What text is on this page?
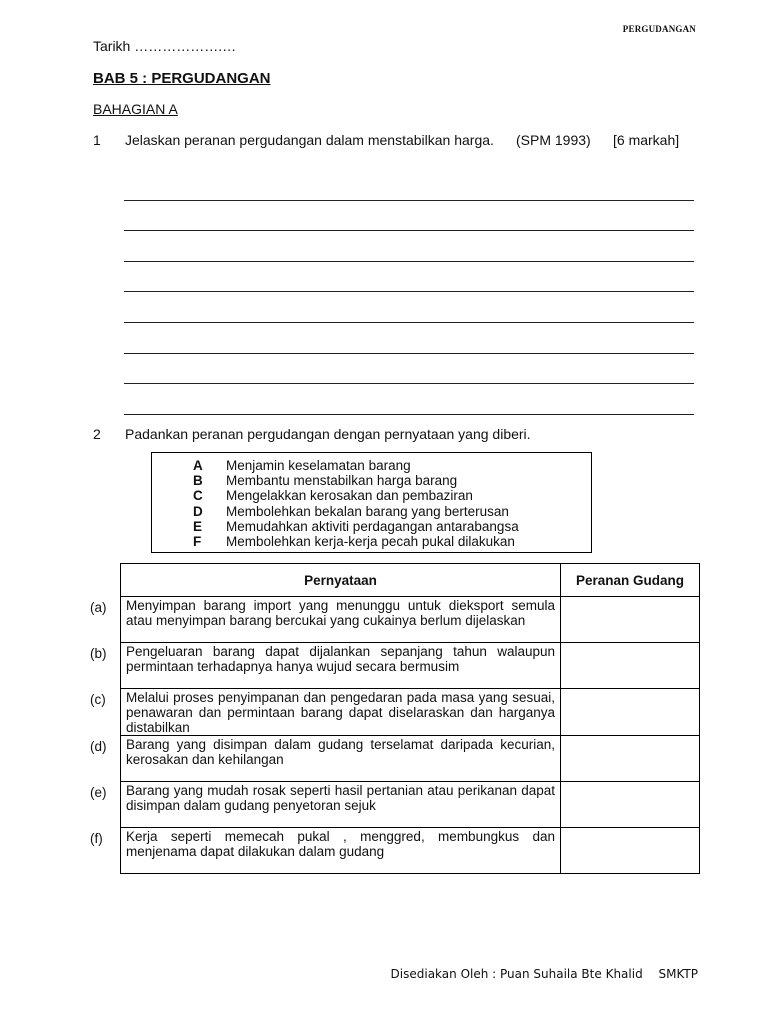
PERGUDANGAN
Tarikh ……………….…
BAB 5 : PERGUDANGAN
BAHAGIAN A
1 Jelaskan peranan pergudangan dalam menstabilkan harga. (SPM 1993) [6 markah]
2 Padankan peranan pergudangan dengan pernyataan yang diberi.
A	Menjamin keselamatan barang
B	Membantu menstabilkan harga barang
C	Mengelakkan kerosakan dan pembaziran
D	Membolehkan bekalan barang yang berterusan
E	Memudahkan aktiviti perdagangan antarabangsa
F	Membolehkan kerja-kerja pecah pukal dilakukan
	Pernyataan	Peranan Gudang
(a)	Menyimpan barang import yang menunggu untuk dieksport semula atau menyimpan barang bercukai yang cukainya berlum dijelaskan	
(b)	Pengeluaran barang dapat dijalankan sepanjang tahun walaupun permintaan terhadapnya hanya wujud secara bermusim	
(c)	Melalui proses penyimpanan dan pengedaran pada masa yang sesuai, penawaran dan permintaan barang dapat diselaraskan dan harganya distabilkan	
(d)	Barang yang disimpan dalam gudang terselamat daripada kecurian, kerosakan dan kehilangan	
(e)	Barang yang mudah rosak seperti hasil pertanian atau perikanan dapat disimpan dalam gudang penyetoran sejuk	
(f)	Kerja seperti memecah pukal , menggred, membungkus dan menjenama dapat dilakukan dalam gudang	
Disediakan Oleh : Puan Suhaila Bte Khalid SMKTP
